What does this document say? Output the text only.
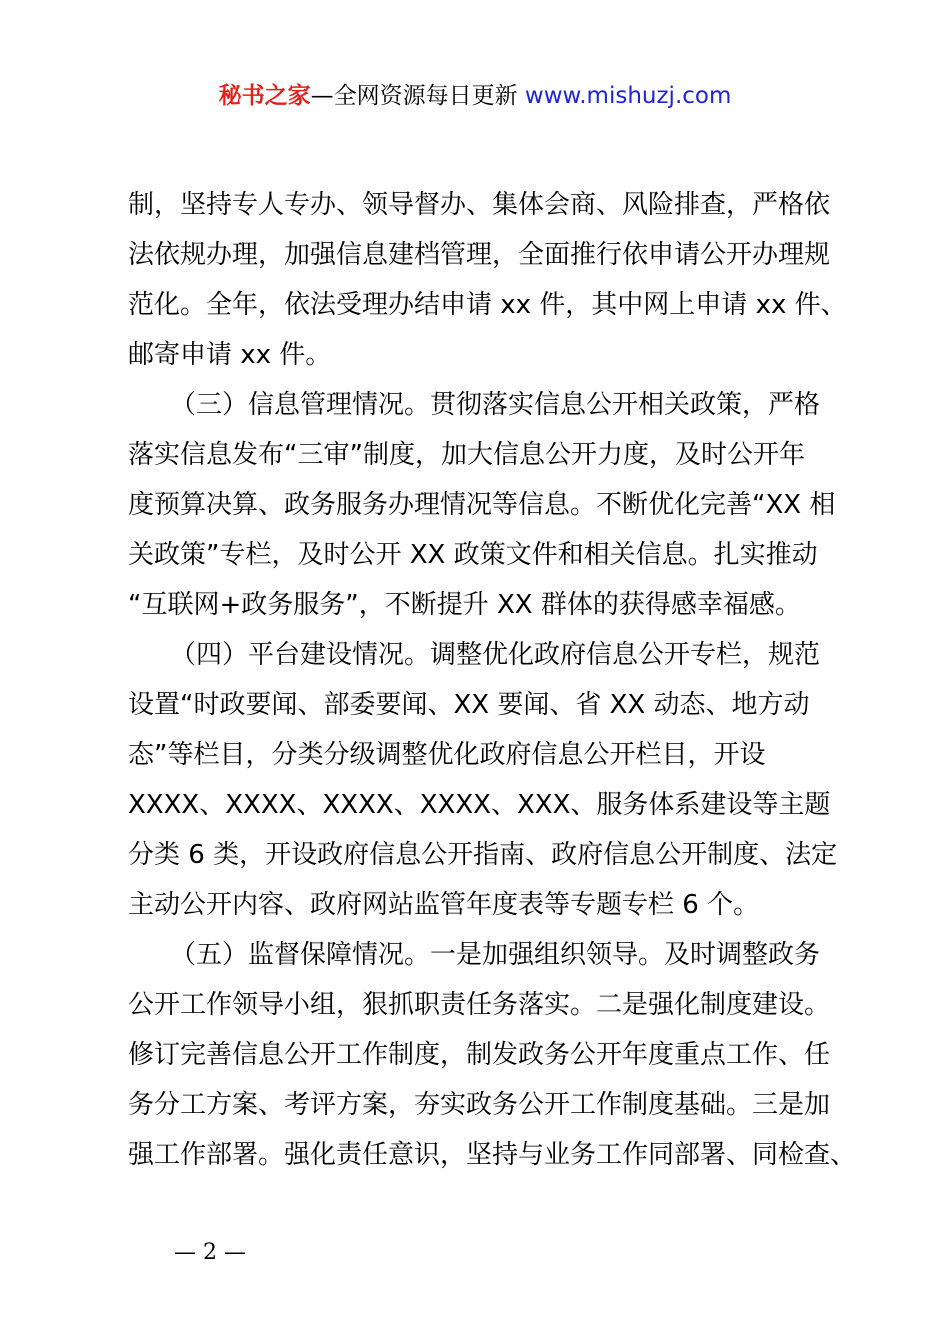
秘书之家—全网资源每日更新 www.mishuzj.com
制，坚持专人专办、领导督办、集体会商、风险排查，严格依
法依规办理，加强信息建档管理，全面推行依申请公开办理规
范化。全年，依法受理办结申请 xx 件，其中网上申请 xx 件、
邮寄申请 xx 件。
（三）信息管理情况。贯彻落实信息公开相关政策，严格
落实信息发布“三审”制度，加大信息公开力度，及时公开年
度预算决算、政务服务办理情况等信息。不断优化完善“XX 相
关政策”专栏，及时公开 XX 政策文件和相关信息。扎实推动
“互联网+政务服务”，不断提升 XX 群体的获得感幸福感。
（四）平台建设情况。调整优化政府信息公开专栏，规范
设置“时政要闻、部委要闻、XX 要闻、省 XX 动态、地方动
态”等栏目，分类分级调整优化政府信息公开栏目，开设
XXXX、XXXX、XXXX、XXXX、XXX、服务体系建设等主题
分类 6 类，开设政府信息公开指南、政府信息公开制度、法定
主动公开内容、政府网站监管年度表等专题专栏 6 个。
（五）监督保障情况。一是加强组织领导。及时调整政务
公开工作领导小组，狠抓职责任务落实。二是强化制度建设。
修订完善信息公开工作制度，制发政务公开年度重点工作、任
务分工方案、考评方案，夯实政务公开工作制度基础。三是加
强工作部署。强化责任意识，坚持与业务工作同部署、同检查、
— 2 —
